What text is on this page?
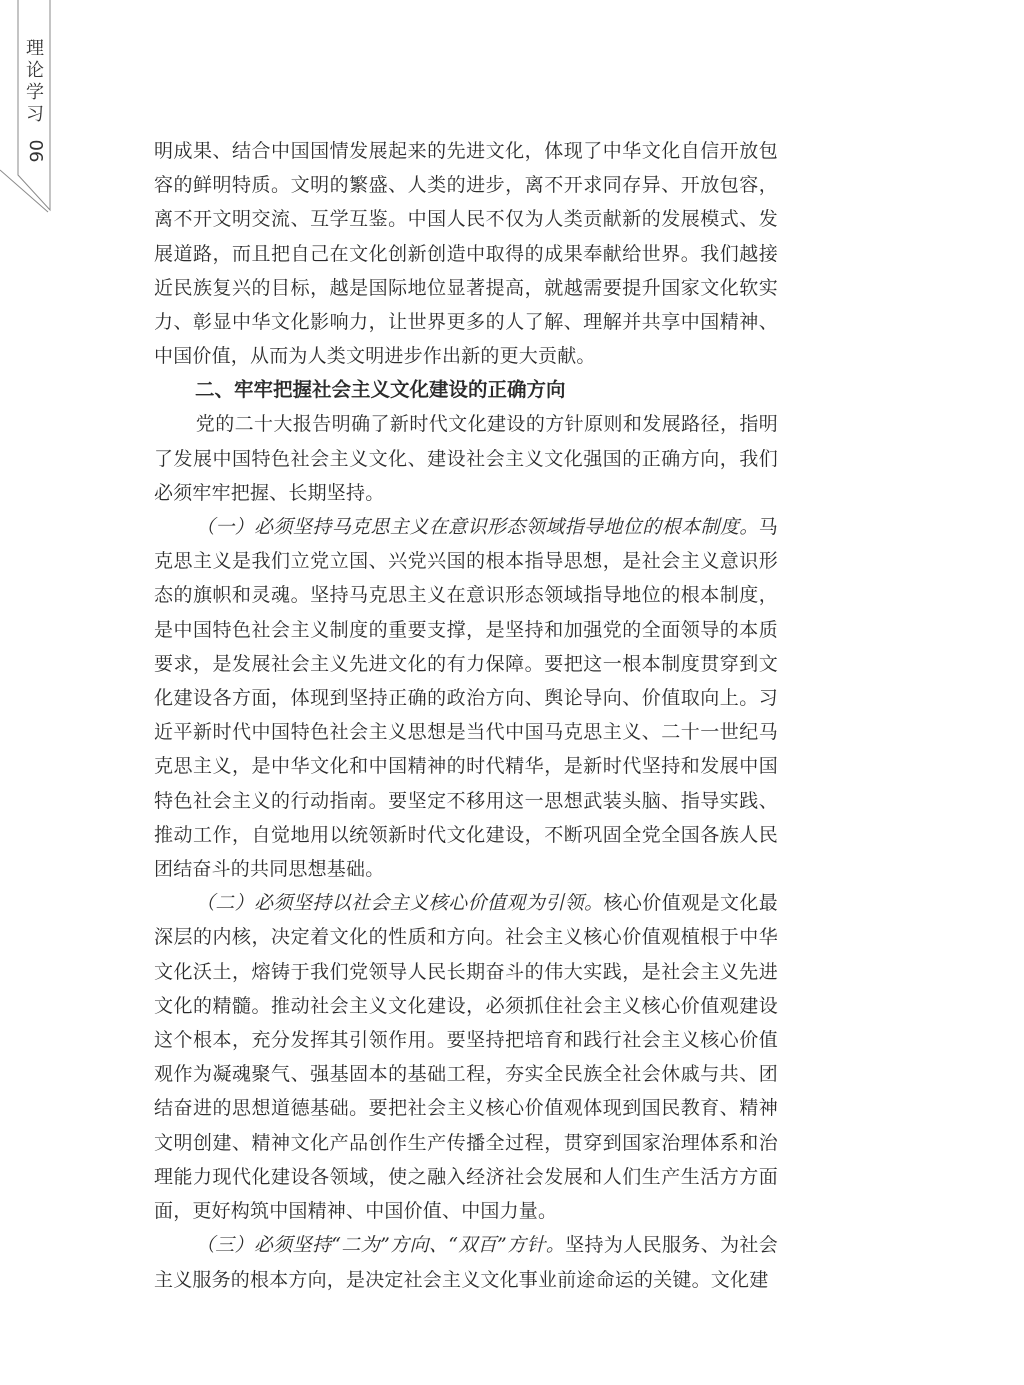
理
论
学
习
06	明成果、结合中国国情发展起来的先进文化，体现了中华文化自信开放包容的鲜明特质。文明的繁盛、人类的进步，离不开求同存异、开放包容，离不开文明交流、互学互鉴。中国人民不仅为人类贡献新的发展模式、发展道路，而且把自己在文化创新创造中取得的成果奉献给世界。我们越接近民族复兴的目标，越是国际地位显著提高，就越需要提升国家文化软实力、彰显中华文化影响力，让世界更多的人了解、理解并共享中国精神、中国价值，从而为人类文明进步作出新的更大贡献。

二、牢牢把握社会主义文化建设的正确方向

党的二十大报告明确了新时代文化建设的方针原则和发展路径，指明了发展中国特色社会主义文化、建设社会主义文化强国的正确方向，我们必须牢牢把握、长期坚持。

（一）必须坚持马克思主义在意识形态领域指导地位的根本制度。马克思主义是我们立党立国、兴党兴国的根本指导思想，是社会主义意识形态的旗帜和灵魂。坚持马克思主义在意识形态领域指导地位的根本制度，是中国特色社会主义制度的重要支撑，是坚持和加强党的全面领导的本质要求，是发展社会主义先进文化的有力保障。要把这一根本制度贯穿到文化建设各方面，体现到坚持正确的政治方向、舆论导向、价值取向上。习近平新时代中国特色社会主义思想是当代中国马克思主义、二十一世纪马克思主义，是中华文化和中国精神的时代精华，是新时代坚持和发展中国特色社会主义的行动指南。要坚定不移用这一思想武装头脑、指导实践、推动工作，自觉地用以统领新时代文化建设，不断巩固全党全国各族人民团结奋斗的共同思想基础。

（二）必须坚持以社会主义核心价值观为引领。核心价值观是文化最深层的内核，决定着文化的性质和方向。社会主义核心价值观植根于中华文化沃土，熔铸于我们党领导人民长期奋斗的伟大实践，是社会主义先进文化的精髓。推动社会主义文化建设，必须抓住社会主义核心价值观建设这个根本，充分发挥其引领作用。要坚持把培育和践行社会主义核心价值观作为凝魂聚气、强基固本的基础工程，夯实全民族全社会休戚与共、团结奋进的思想道德基础。要把社会主义核心价值观体现到国民教育、精神文明创建、精神文化产品创作生产传播全过程，贯穿到国家治理体系和治理能力现代化建设各领域，使之融入经济社会发展和人们生产生活方方面面，更好构筑中国精神、中国价值、中国力量。

（三）必须坚持“二为”方向、“双百”方针。坚持为人民服务、为社会主义服务的根本方向，是决定社会主义文化事业前途命运的关键。文化建
